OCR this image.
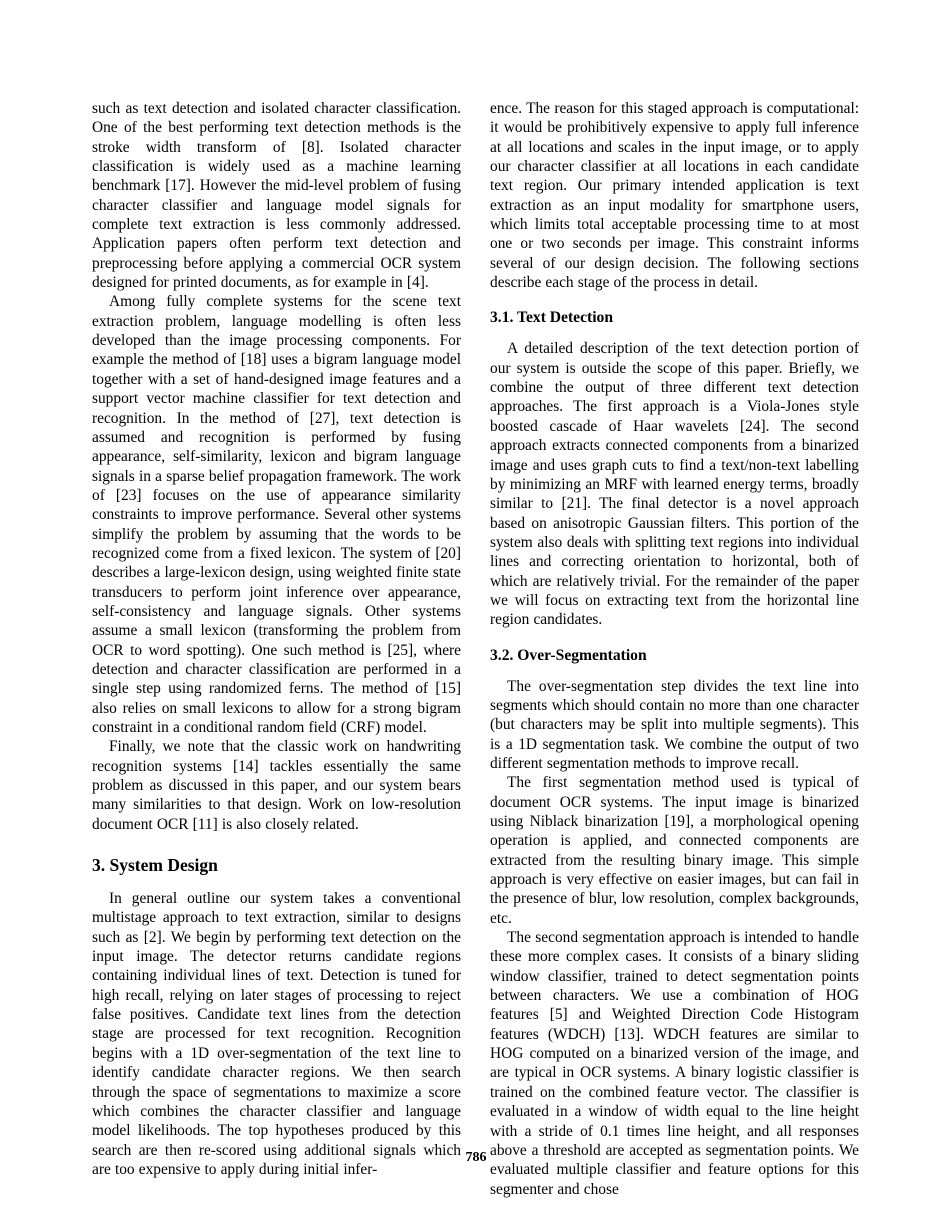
such as text detection and isolated character classification. One of the best performing text detection methods is the stroke width transform of [8]. Isolated character classification is widely used as a machine learning benchmark [17]. However the mid-level problem of fusing character classifier and language model signals for complete text extraction is less commonly addressed. Application papers often perform text detection and preprocessing before applying a commercial OCR system designed for printed documents, as for example in [4].

Among fully complete systems for the scene text extraction problem, language modelling is often less developed than the image processing components. For example the method of [18] uses a bigram language model together with a set of hand-designed image features and a support vector machine classifier for text detection and recognition. In the method of [27], text detection is assumed and recognition is performed by fusing appearance, self-similarity, lexicon and bigram language signals in a sparse belief propagation framework. The work of [23] focuses on the use of appearance similarity constraints to improve performance. Several other systems simplify the problem by assuming that the words to be recognized come from a fixed lexicon. The system of [20] describes a large-lexicon design, using weighted finite state transducers to perform joint inference over appearance, self-consistency and language signals. Other systems assume a small lexicon (transforming the problem from OCR to word spotting). One such method is [25], where detection and character classification are performed in a single step using randomized ferns. The method of [15] also relies on small lexicons to allow for a strong bigram constraint in a conditional random field (CRF) model.

Finally, we note that the classic work on handwriting recognition systems [14] tackles essentially the same problem as discussed in this paper, and our system bears many similarities to that design. Work on low-resolution document OCR [11] is also closely related.

3. System Design

In general outline our system takes a conventional multistage approach to text extraction, similar to designs such as [2]. We begin by performing text detection on the input image. The detector returns candidate regions containing individual lines of text. Detection is tuned for high recall, relying on later stages of processing to reject false positives. Candidate text lines from the detection stage are processed for text recognition. Recognition begins with a 1D over-segmentation of the text line to identify candidate character regions. We then search through the space of segmentations to maximize a score which combines the character classifier and language model likelihoods. The top hypotheses produced by this search are then re-scored using additional signals which are too expensive to apply during initial infer-

ence. The reason for this staged approach is computational: it would be prohibitively expensive to apply full inference at all locations and scales in the input image, or to apply our character classifier at all locations in each candidate text region. Our primary intended application is text extraction as an input modality for smartphone users, which limits total acceptable processing time to at most one or two seconds per image. This constraint informs several of our design decision. The following sections describe each stage of the process in detail.

3.1. Text Detection

A detailed description of the text detection portion of our system is outside the scope of this paper. Briefly, we combine the output of three different text detection approaches. The first approach is a Viola-Jones style boosted cascade of Haar wavelets [24]. The second approach extracts connected components from a binarized image and uses graph cuts to find a text/non-text labelling by minimizing an MRF with learned energy terms, broadly similar to [21]. The final detector is a novel approach based on anisotropic Gaussian filters. This portion of the system also deals with splitting text regions into individual lines and correcting orientation to horizontal, both of which are relatively trivial. For the remainder of the paper we will focus on extracting text from the horizontal line region candidates.

3.2. Over-Segmentation

The over-segmentation step divides the text line into segments which should contain no more than one character (but characters may be split into multiple segments). This is a 1D segmentation task. We combine the output of two different segmentation methods to improve recall.

The first segmentation method used is typical of document OCR systems. The input image is binarized using Niblack binarization [19], a morphological opening operation is applied, and connected components are extracted from the resulting binary image. This simple approach is very effective on easier images, but can fail in the presence of blur, low resolution, complex backgrounds, etc.

The second segmentation approach is intended to handle these more complex cases. It consists of a binary sliding window classifier, trained to detect segmentation points between characters. We use a combination of HOG features [5] and Weighted Direction Code Histogram features (WDCH) [13]. WDCH features are similar to HOG computed on a binarized version of the image, and are typical in OCR systems. A binary logistic classifier is trained on the combined feature vector. The classifier is evaluated in a window of width equal to the line height with a stride of 0.1 times line height, and all responses above a threshold are accepted as segmentation points. We evaluated multiple classifier and feature options for this segmenter and chose

786
